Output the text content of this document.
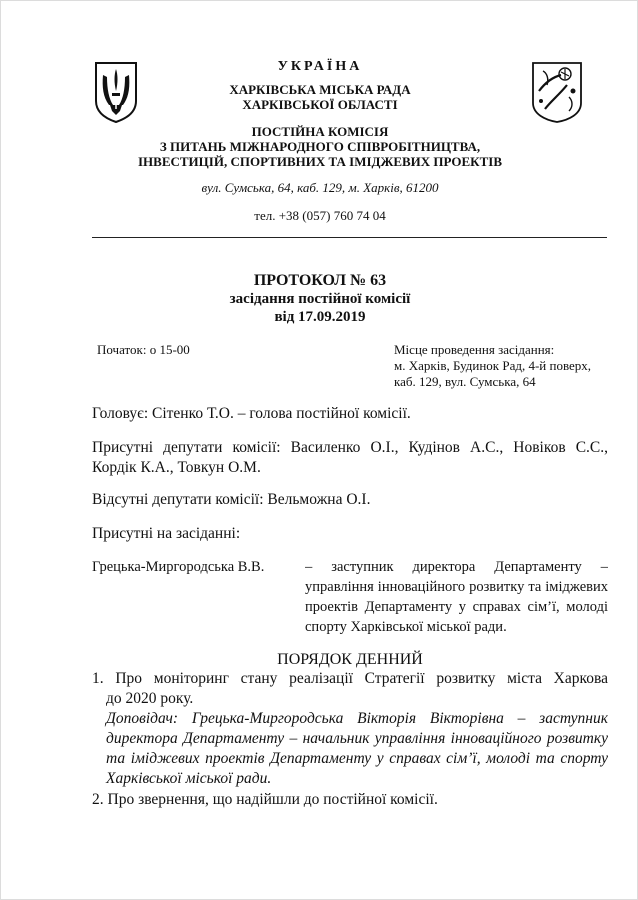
УКРАЇНА
ХАРКІВСЬКА МІСЬКА РАДА
ХАРКІВСЬКОЇ ОБЛАСТІ
ПОСТІЙНА КОМІСІЯ
З ПИТАНЬ МІЖНАРОДНОГО СПІВРОБІТНИЦТВА,
ІНВЕСТИЦІЙ, СПОРТИВНИХ ТА ІМІДЖЕВИХ ПРОЕКТІВ
вул. Сумська, 64, каб. 129, м. Харків, 61200
тел. +38 (057) 760 74 04
ПРОТОКОЛ № 63
засідання постійної комісії
від 17.09.2019
Початок: о 15-00	Місце проведення засідання:
м. Харків, Будинок Рад, 4-й поверх,
каб. 129, вул. Сумська, 64
Головує: Сітенко Т.О. – голова постійної комісії.
Присутні депутати комісії: Василенко О.І., Кудінов А.С., Новіков С.С.,
Кордік К.А., Товкун О.М.
Відсутні депутати комісії: Вельможна О.І.
Присутні на засіданні:
Грецька-Миргородська В.В.	– заступник директора Департаменту –
управління інноваційного розвитку та іміджевих
проектів Департаменту у справах сім’ї, молоді
спорту Харківської міської ради.
ПОРЯДОК ДЕННИЙ
1. Про моніторинг стану реалізації Стратегії розвитку міста Харкова
до 2020 року.
Доповідач: Грецька-Миргородська Вікторія Вікторівна – заступник
директора Департаменту – начальник управління інноваційного розвитку
та іміджевих проектів Департаменту у справах сім’ї, молоді та спорту
Харківської міської ради.
2. Про звернення, що надійшли до постійної комісії.
